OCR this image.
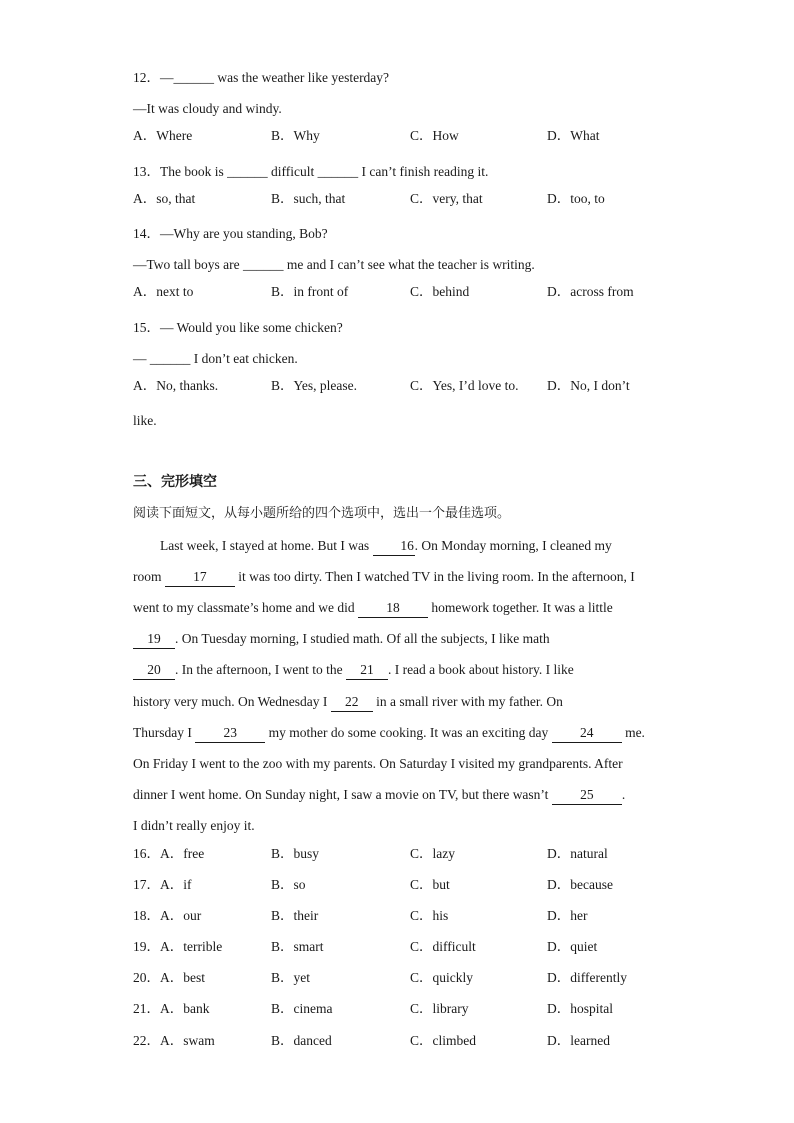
12．—______ was the weather like yesterday?
—It was cloudy and windy.
A．Where	B．Why	C．How	D．What
13．The book is ______ difficult ______ I can’t finish reading it.
A．so, that	B．such, that	C．very, that	D．too, to
14．—Why are you standing, Bob?
—Two tall boys are ______ me and I can’t see what the teacher is writing.
A．next to	B．in front of	C．behind	D．across from
15．— Would you like some chicken?
— ______ I don’t eat chicken.
A．No, thanks.	B．Yes, please.	C．Yes, I’d love to. D．No, I don’t
like.
三、完形填空
阅读下面短文，从每小题所给的四个选项中，选出一个最佳选项。
Last week, I stayed at home. But I was 16. On Monday morning, I cleaned my
room 17 it was too dirty. Then I watched TV in the living room. In the afternoon, I
went to my classmate’s home and we did 18 homework together. It was a little
19 . On Tuesday morning, I studied math. Of all the subjects, I like math
20 . In the afternoon, I went to the 21 . I read a book about history. I like
history very much. On Wednesday I 22 in a small river with my father. On
Thursday I 23 my mother do some cooking. It was an exciting day 24 me.
On Friday I went to the zoo with my parents. On Saturday I visited my grandparents. After
dinner I went home. On Sunday night, I saw a movie on TV, but there wasn’t 25 .
I didn’t really enjoy it.
16．A．free	B．busy	C．lazy	D．natural
17．A．if	B．so	C．but	D．because
18．A．our	B．their	C．his	D．her
19．A．terrible	B．smart	C．difficult	D．quiet
20．A．best	B．yet	C．quickly	D．differently
21．A．bank	B．cinema	C．library	D．hospital
22．A．swam	B．danced	C．climbed	D．learned
